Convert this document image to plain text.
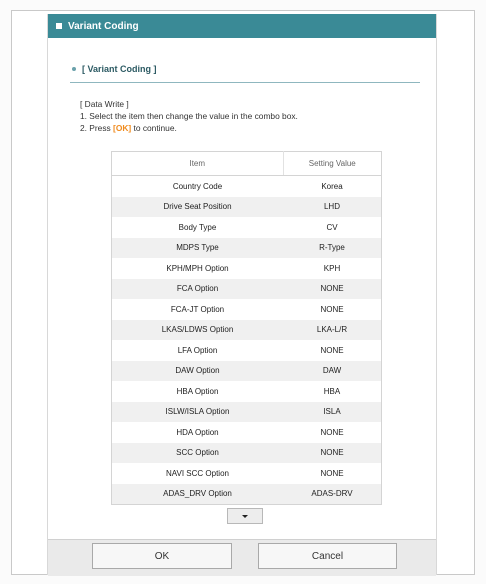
Variant Coding
[ Variant Coding ]
[ Data Write ]
1. Select the item then change the value in the combo box.
2. Press [OK] to continue.
Item	Setting Value
Country Code	Korea
Drive Seat Position	LHD
Body Type	CV
MDPS Type	R-Type
KPH/MPH Option	KPH
FCA Option	NONE
FCA-JT Option	NONE
LKAS/LDWS Option	LKA-L/R
LFA Option	NONE
DAW Option	DAW
HBA Option	HBA
ISLW/ISLA Option	ISLA
HDA Option	NONE
SCC Option	NONE
NAVI SCC Option	NONE
ADAS_DRV Option	ADAS-DRV
OK	Cancel
